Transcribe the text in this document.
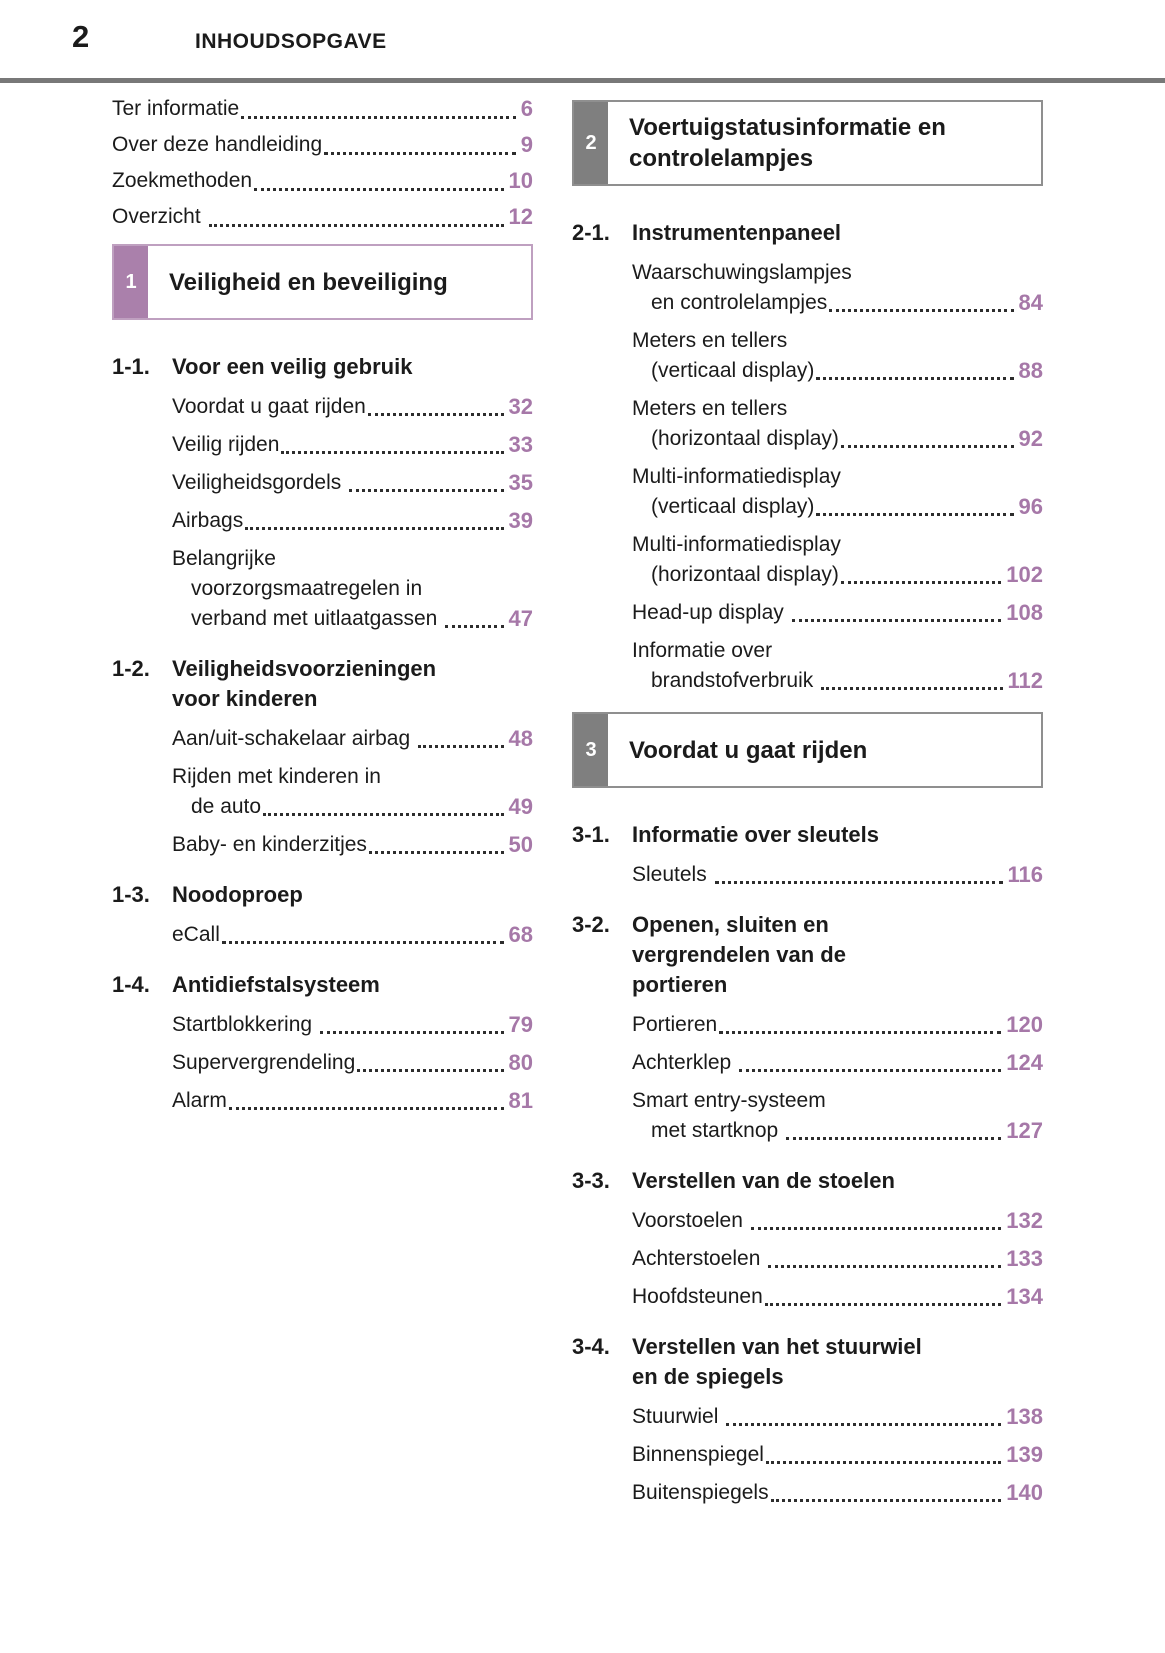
2	INHOUDSOPGAVE
Ter informatie	6
Over deze handleiding	9
Zoekmethoden	10
Overzicht	12
1 Veiligheid en beveiliging
1-1.	Voor een veilig gebruik
Voordat u gaat rijden	32
Veilig rijden	33
Veiligheidsgordels	35
Airbags	39
Belangrijke
voorzorgsmaatregelen in
verband met uitlaatgassen	47
1-2.	Veiligheidsvoorzieningen
voor kinderen
Aan/uit-schakelaar airbag	48
Rijden met kinderen in
de auto	49
Baby- en kinderzitjes	50
1-3.	Noodoproep
eCall	68
1-4.	Antidiefstalsysteem
Startblokkering	79
Supervergrendeling	80
Alarm	81
2
Voertuigstatusinformatie en
controlelampjes
2-1.	Instrumentenpaneel
Waarschuwingslampjes
en controlelampjes	84
Meters en tellers
(verticaal display)	88
Meters en tellers
(horizontaal display)	92
Multi-informatiedisplay
(verticaal display)	96
Multi-informatiedisplay
(horizontaal display)	102
Head-up display	108
Informatie over
brandstofverbruik	112
3 Voordat u gaat rijden
3-1.	Informatie over sleutels
Sleutels	116
3-2.	Openen, sluiten en
vergrendelen van de
portieren
Portieren	120
Achterklep	124
Smart entry-systeem
met startknop	127
3-3.	Verstellen van de stoelen
Voorstoelen	132
Achterstoelen	133
Hoofdsteunen	134
3-4.	Verstellen van het stuurwiel
en de spiegels
Stuurwiel	138
Binnenspiegel	139
Buitenspiegels	140
